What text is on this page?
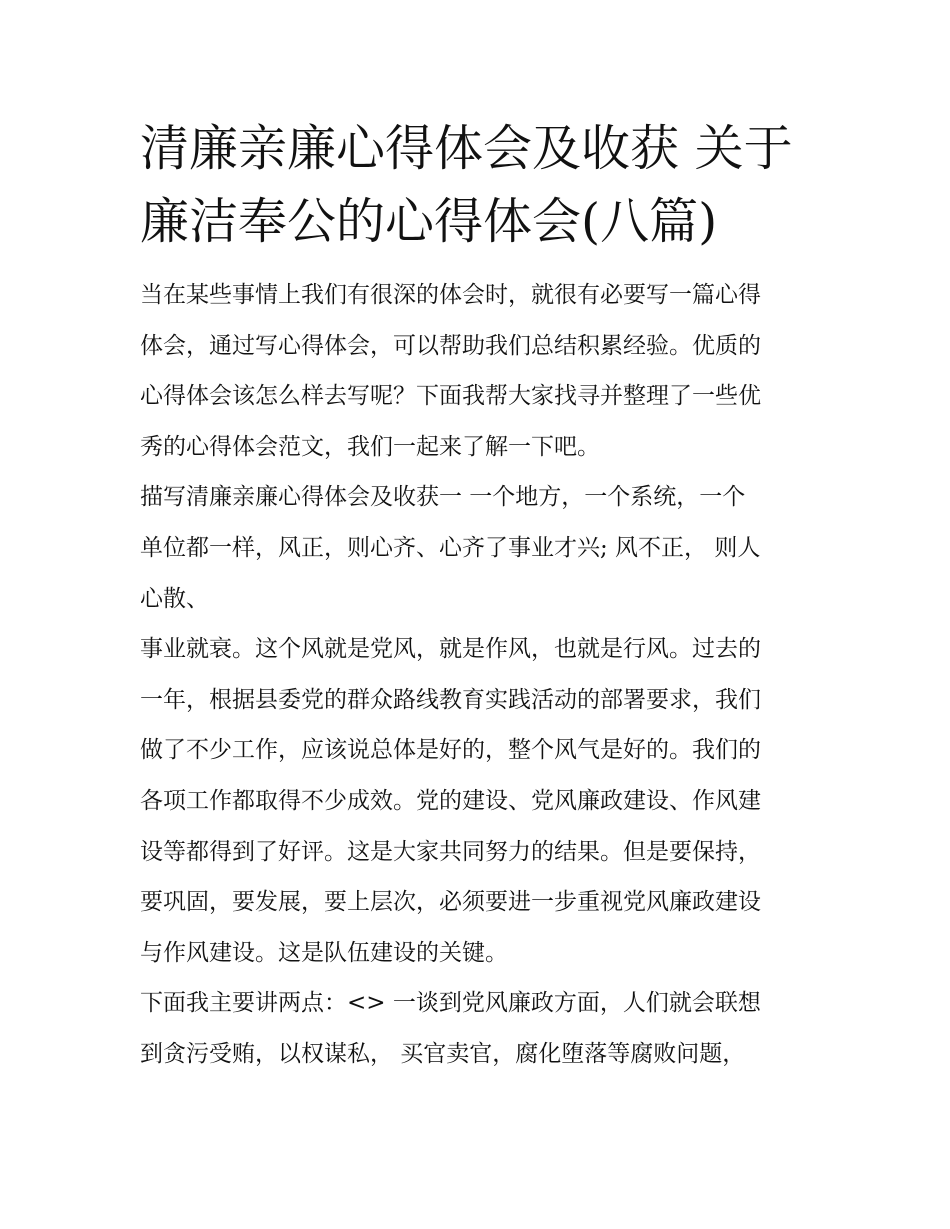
清廉亲廉心得体会及收获 关于
廉洁奉公的心得体会(八篇)
当在某些事情上我们有很深的体会时，就很有必要写一篇心得
体会，通过写心得体会，可以帮助我们总结积累经验。优质的
心得体会该怎么样去写呢？下面我帮大家找寻并整理了一些优
秀的心得体会范文，我们一起来了解一下吧。
描写清廉亲廉心得体会及收获一 一个地方，一个系统，一个
单位都一样，风正，则心齐、心齐了事业才兴; 风不正， 则人
心散、
事业就衰。这个风就是党风，就是作风，也就是行风。过去的
一年，根据县委党的群众路线教育实践活动的部署要求，我们
做了不少工作，应该说总体是好的，整个风气是好的。我们的
各项工作都取得不少成效。党的建设、党风廉政建设、作风建
设等都得到了好评。这是大家共同努力的结果。但是要保持，
要巩固，要发展，要上层次，必须要进一步重视党风廉政建设
与作风建设。这是队伍建设的关键。
下面我主要讲两点：<> 一谈到党风廉政方面，人们就会联想
到贪污受贿，以权谋私， 买官卖官，腐化堕落等腐败问题，
